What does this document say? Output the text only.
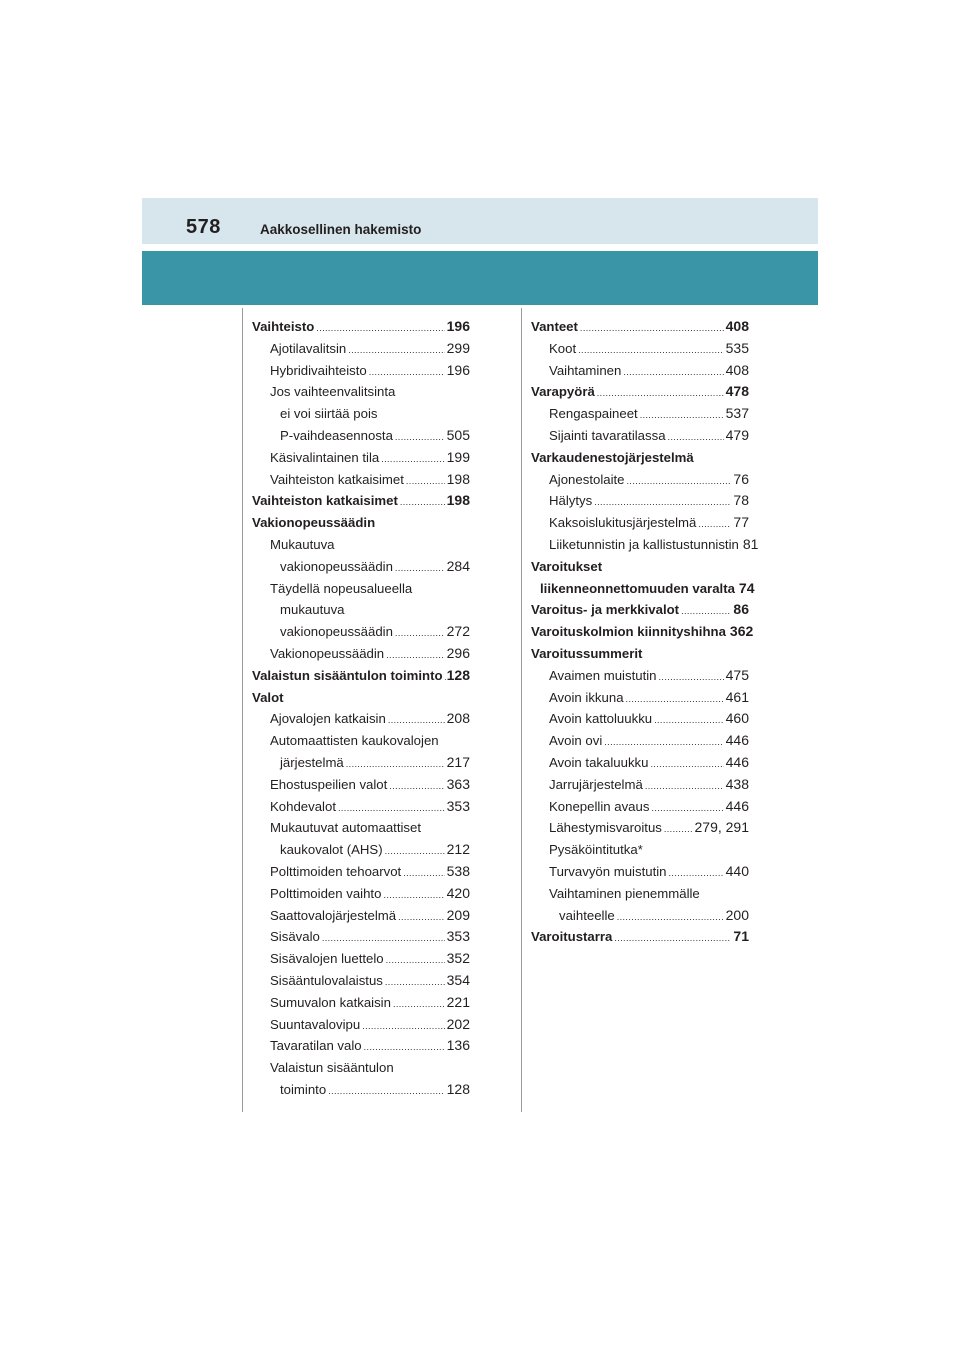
578	Aakkosellinen hakemisto
Vaihteisto .....	196
Ajotilavalitsin .....	299
Hybridivaihteisto .....	196
Jos vaihteenvalitsinta
ei voi siirtää pois
P-vaihdeasennosta .....	505
Käsivalintainen tila .....	199
Vaihteiston katkaisimet .....	198
Vaihteiston katkaisimet .....	198
Vakionopeussäädin
Mukautuva
vakionopeussäädin .....	284
Täydellä nopeusalueella
mukautuva
vakionopeussäädin .....	272
Vakionopeussäädin .....	296
Valaistun sisääntulon toiminto ..... 128
Valot
Ajovalojen katkaisin .....	208
Automaattisten kaukovalojen
järjestelmä .....	217
Ehostuspeilien valot .....	363
Kohdevalot .....	353
Mukautuvat automaattiset
kaukovalot (AHS) .....	212
Polttimoiden tehoarvot .....	538
Polttimoiden vaihto .....	420
Saattovalojärjestelmä .....	209
Sisävalo .....	353
Sisävalojen luettelo .....	352
Sisääntulovalaistus .....	354
Sumuvalon katkaisin .....	221
Suuntavalovipu .....	202
Tavaratilan valo .....	136
Valaistun sisääntulon
toiminto .....	128
Vanteet .....	408
Koot .....	535
Vaihtaminen .....	408
Varapyörä .....	478
Rengaspaineet .....	537
Sijainti tavaratilassa .....	479
Varkaudenestojärjestelmä
Ajonestolaite .....	76
Hälytys .....	78
Kaksoislukitusjärjestelmä .....	77
Liiketunnistin ja kallistustunnistin 81
Varoitukset
liikenneonnettomuuden varalta 74
Varoitus- ja merkkivalot .....	86
Varoituskolmion kiinnityshihna 362
Varoitussummerit
Avaimen muistutin .....	475
Avoin ikkuna .....	461
Avoin kattoluukku .....	460
Avoin ovi .....	446
Avoin takaluukku .....	446
Jarrujärjestelmä .....	438
Konepellin avaus .....	446
Lähestymisvaroitus ..... 279, 291
Pysäköintitutka *
Turvavyön muistutin .....	440
Vaihtaminen pienemmälle
vaihteelle .....	200
Varoitustarra .....	71
